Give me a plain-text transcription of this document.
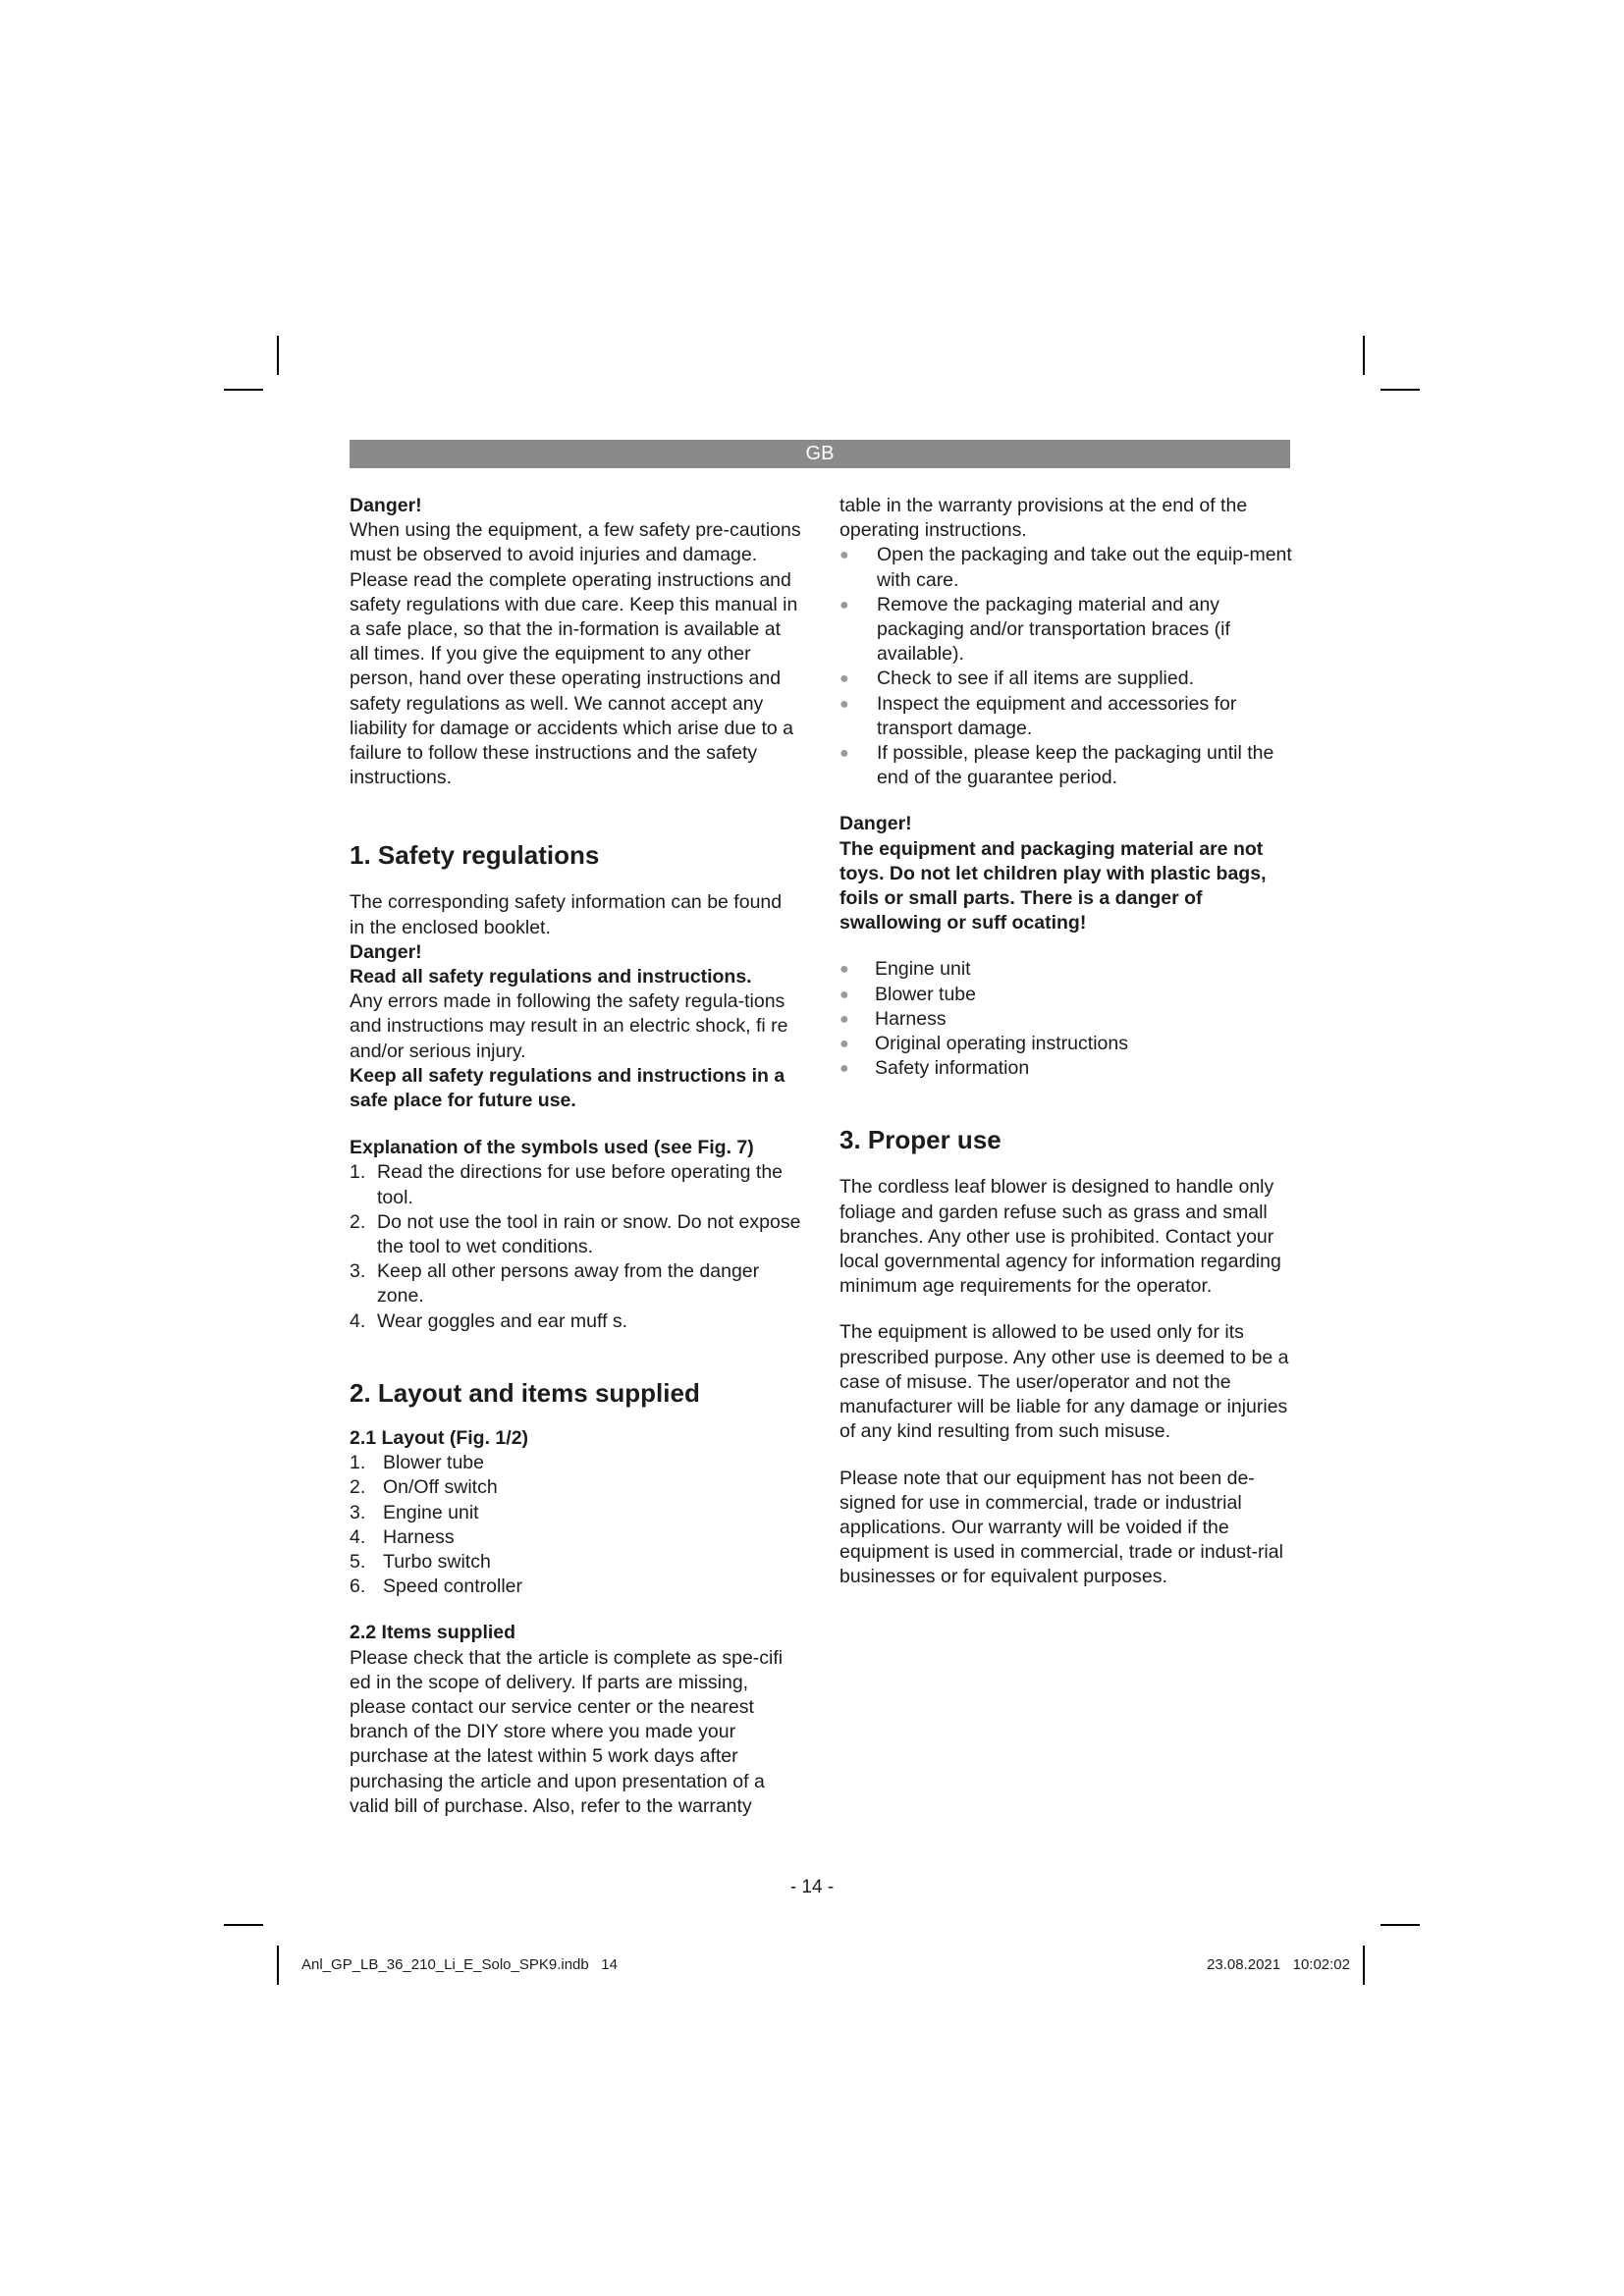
GB

Danger!

When using the equipment, a few safety pre-cautions must be observed to avoid injuries and damage. Please read the complete operating instructions and safety regulations with due care. Keep this manual in a safe place, so that the in-formation is available at all times. If you give the equipment to any other person, hand over these operating instructions and safety regulations as well. We cannot accept any liability for damage or accidents which arise due to a failure to follow these instructions and the safety instructions.

1. Safety regulations

The corresponding safety information can be found in the enclosed booklet.

Danger!

Read all safety regulations and instructions.

Any errors made in following the safety regula-tions and instructions may result in an electric shock, fi re and/or serious injury.

Keep all safety regulations and instructions in a safe place for future use.

Explanation of the symbols used (see Fig. 7)

1. Read the directions for use before operating the tool.
2. Do not use the tool in rain or snow. Do not expose the tool to wet conditions.
3. Keep all other persons away from the danger zone.
4. Wear goggles and ear muff s.
2. Layout and items supplied

2.1 Layout (Fig. 1/2)

1. Blower tube
2. On/Off switch
3. Engine unit
4. Harness
5. Turbo switch
6. Speed controller

2.2 Items supplied

Please check that the article is complete as spe-cifi ed in the scope of delivery. If parts are missing, please contact our service center or the nearest branch of the DIY store where you made your purchase at the latest within 5 work days after purchasing the article and upon presentation of a valid bill of purchase. Also, refer to the warranty

table in the warranty provisions at the end of the operating instructions.

● Open the packaging and take out the equip-ment with care.
● Remove the packaging material and any packaging and/or transportation braces (if available).
● Check to see if all items are supplied.
● Inspect the equipment and accessories for transport damage.
● If possible, please keep the packaging until the end of the guarantee period.

Danger!

The equipment and packaging material are not toys. Do not let children play with plastic bags, foils or small parts. There is a danger of swallowing or suff ocating!

● Engine unit
● Blower tube
● Harness
● Original operating instructions
● Safety information
3. Proper use

The cordless leaf blower is designed to handle only foliage and garden refuse such as grass and small branches. Any other use is prohibited. Contact your local governmental agency for information regarding minimum age requirements for the operator.

The equipment is allowed to be used only for its prescribed purpose. Any other use is deemed to be a case of misuse. The user/operator and not the manufacturer will be liable for any damage or injuries of any kind resulting from such misuse.

Please note that our equipment has not been de-signed for use in commercial, trade or industrial applications. Our warranty will be voided if the equipment is used in commercial, trade or indust-rial businesses or for equivalent purposes.

- 14 -
Anl_GP_LB_36_210_Li_E_Solo_SPK9.indb   14	23.08.2021   10:02:02
